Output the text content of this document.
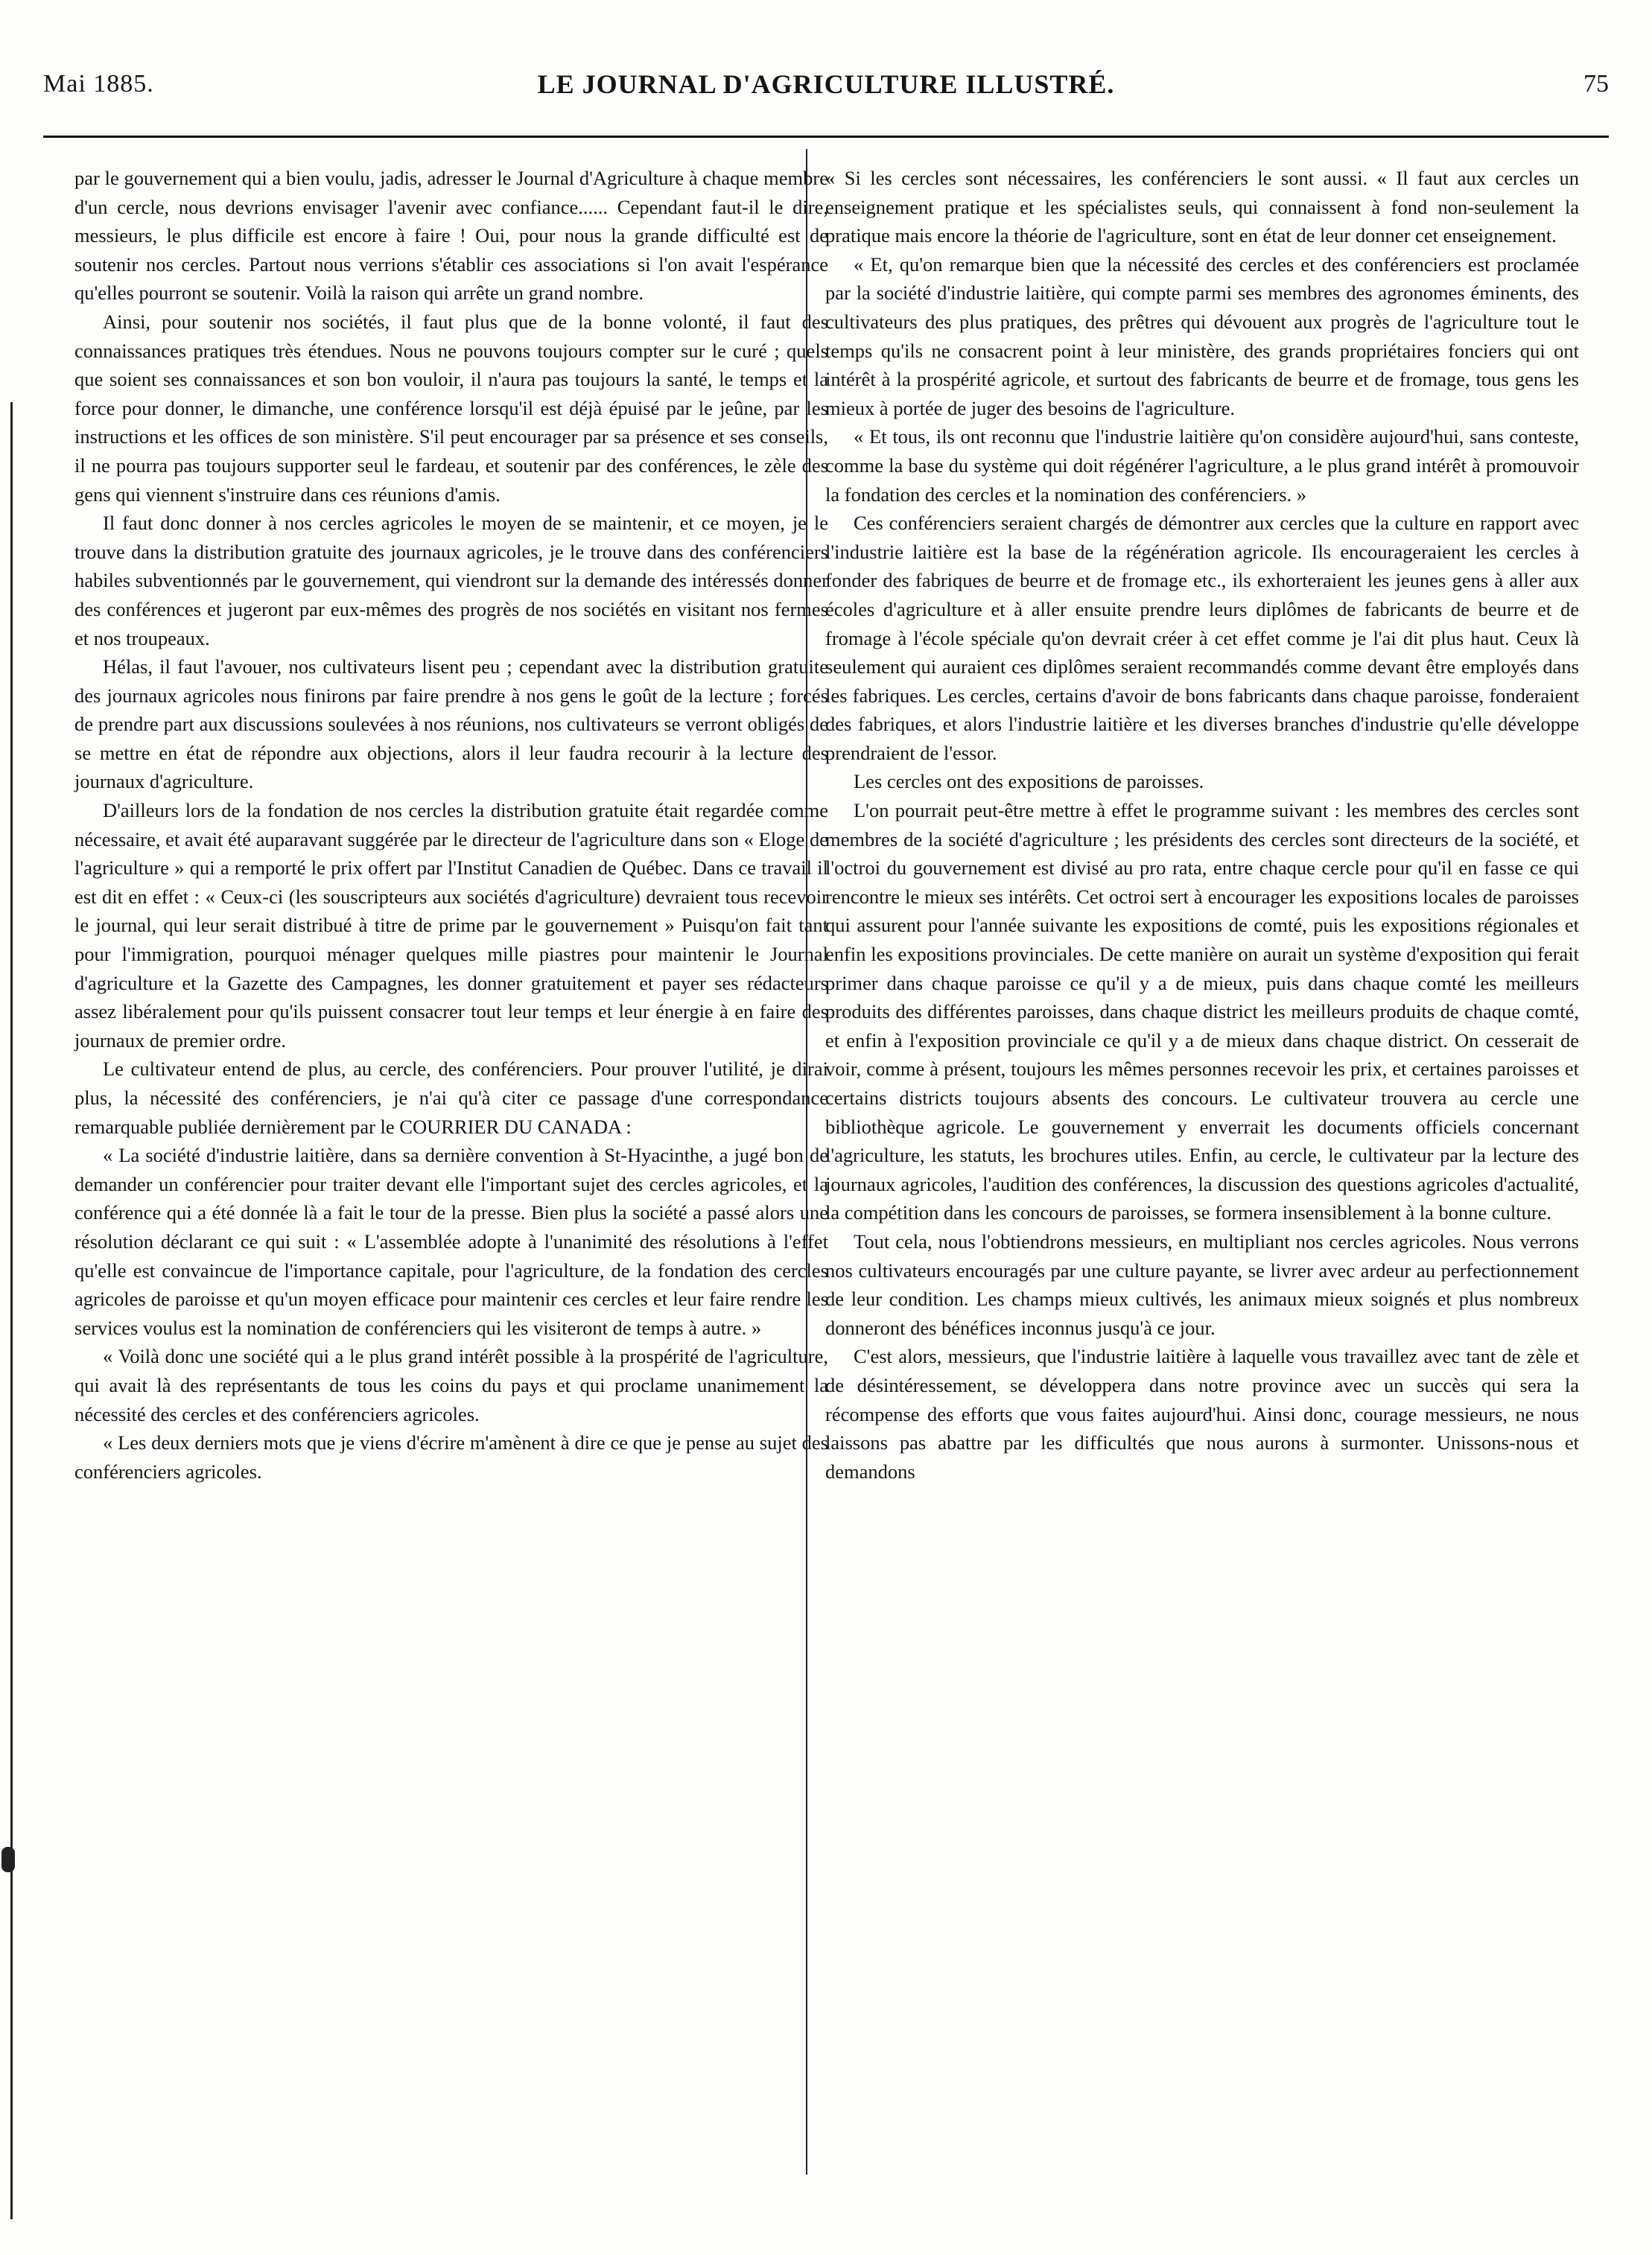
Mai 1885.	LE JOURNAL D'AGRICULTURE ILLUSTRÉ.	75

par le gouvernement qui a bien voulu, jadis, adresser le Journal d'Agriculture à chaque membre d'un cercle, nous devrions envisager l'avenir avec confiance...... Cependant faut-il le dire, messieurs, le plus difficile est encore à faire ! Oui, pour nous la grande difficulté est de soutenir nos cercles. Partout nous verrions s'établir ces associations si l'on avait l'espérance qu'elles pourront se soutenir. Voilà la raison qui arrête un grand nombre.

Ainsi, pour soutenir nos sociétés, il faut plus que de la bonne volonté, il faut des connaissances pratiques très étendues. Nous ne pouvons toujours compter sur le curé ; quels que soient ses connaissances et son bon vouloir, il n'aura pas toujours la santé, le temps et la force pour donner, le dimanche, une conférence lorsqu'il est déjà épuisé par le jeûne, par les instructions et les offices de son ministère. S'il peut encourager par sa présence et ses conseils, il ne pourra pas toujours supporter seul le fardeau, et soutenir par des conférences, le zèle des gens qui viennent s'instruire dans ces réunions d'amis.

Il faut donc donner à nos cercles agricoles le moyen de se maintenir, et ce moyen, je le trouve dans la distribution gratuite des journaux agricoles, je le trouve dans des conférenciers habiles subventionnés par le gouvernement, qui viendront sur la demande des intéressés donner des conférences et jugeront par eux-mêmes des progrès de nos sociétés en visitant nos fermes et nos troupeaux.

Hélas, il faut l'avouer, nos cultivateurs lisent peu ; cependant avec la distribution gratuite des journaux agricoles nous finirons par faire prendre à nos gens le goût de la lecture ; forcés de prendre part aux discussions soulevées à nos réunions, nos cultivateurs se verront obligés de se mettre en état de répondre aux objections, alors il leur faudra recourir à la lecture des journaux d'agriculture.

D'ailleurs lors de la fondation de nos cercles la distribution gratuite était regardée comme nécessaire, et avait été auparavant suggérée par le directeur de l'agriculture dans son « Eloge de l'agriculture » qui a remporté le prix offert par l'Institut Canadien de Québec. Dans ce travail il est dit en effet : « Ceux-ci (les souscripteurs aux sociétés d'agriculture) devraient tous recevoir le journal, qui leur serait distribué à titre de prime par le gouvernement » Puisqu'on fait tant pour l'immigration, pourquoi ménager quelques mille piastres pour maintenir le Journal d'agriculture et la Gazette des Campagnes, les donner gratuitement et payer ses rédacteurs assez libéralement pour qu'ils puissent consacrer tout leur temps et leur énergie à en faire des journaux de premier ordre.

Le cultivateur entend de plus, au cercle, des conférenciers. Pour prouver l'utilité, je dirai plus, la nécessité des conférenciers, je n'ai qu'à citer ce passage d'une correspondance remarquable publiée dernièrement par le COURRIER DU CANADA :

« La société d'industrie laitière, dans sa dernière convention à St-Hyacinthe, a jugé bon de demander un conférencier pour traiter devant elle l'important sujet des cercles agricoles, et la conférence qui a été donnée là a fait le tour de la presse. Bien plus la société a passé alors une résolution déclarant ce qui suit : « L'assemblée adopte à l'unanimité des résolutions à l'effet qu'elle est convaincue de l'importance capitale, pour l'agriculture, de la fondation des cercles agricoles de paroisse et qu'un moyen efficace pour maintenir ces cercles et leur faire rendre les services voulus est la nomination de conférenciers qui les visiteront de temps à autre. »

« Voilà donc une société qui a le plus grand intérêt possible à la prospérité de l'agriculture, qui avait là des représentants de tous les coins du pays et qui proclame unanimement la nécessité des cercles et des conférenciers agricoles.

« Les deux derniers mots que je viens d'écrire m'amènent à dire ce que je pense au sujet des conférenciers agricoles.

« Si les cercles sont nécessaires, les conférenciers le sont aussi. « Il faut aux cercles un enseignement pratique et les spécialistes seuls, qui connaissent à fond non-seulement la pratique mais encore la théorie de l'agriculture, sont en état de leur donner cet enseignement.

« Et, qu'on remarque bien que la nécessité des cercles et des conférenciers est proclamée par la société d'industrie laitière, qui compte parmi ses membres des agronomes éminents, des cultivateurs des plus pratiques, des prêtres qui dévouent aux progrès de l'agriculture tout le temps qu'ils ne consacrent point à leur ministère, des grands propriétaires fonciers qui ont intérêt à la prospérité agricole, et surtout des fabricants de beurre et de fromage, tous gens les mieux à portée de juger des besoins de l'agriculture.

« Et tous, ils ont reconnu que l'industrie laitière qu'on considère aujourd'hui, sans conteste, comme la base du système qui doit régénérer l'agriculture, a le plus grand intérêt à promouvoir la fondation des cercles et la nomination des conférenciers. »

Ces conférenciers seraient chargés de démontrer aux cercles que la culture en rapport avec l'industrie laitière est la base de la régénération agricole. Ils encourageraient les cercles à fonder des fabriques de beurre et de fromage etc., ils exhorteraient les jeunes gens à aller aux écoles d'agriculture et à aller ensuite prendre leurs diplômes de fabricants de beurre et de fromage à l'école spéciale qu'on devrait créer à cet effet comme je l'ai dit plus haut. Ceux là seulement qui auraient ces diplômes seraient recommandés comme devant être employés dans les fabriques. Les cercles, certains d'avoir de bons fabricants dans chaque paroisse, fonderaient des fabriques, et alors l'industrie laitière et les diverses branches d'industrie qu'elle développe prendraient de l'essor.

Les cercles ont des expositions de paroisses.

L'on pourrait peut-être mettre à effet le programme suivant : les membres des cercles sont membres de la société d'agriculture ; les présidents des cercles sont directeurs de la société, et l'octroi du gouvernement est divisé au pro rata, entre chaque cercle pour qu'il en fasse ce qui rencontre le mieux ses intérêts. Cet octroi sert à encourager les expositions locales de paroisses qui assurent pour l'année suivante les expositions de comté, puis les expositions régionales et enfin les expositions provinciales. De cette manière on aurait un système d'exposition qui ferait primer dans chaque paroisse ce qu'il y a de mieux, puis dans chaque comté les meilleurs produits des différentes paroisses, dans chaque district les meilleurs produits de chaque comté, et enfin à l'exposition provinciale ce qu'il y a de mieux dans chaque district. On cesserait de voir, comme à présent, toujours les mêmes personnes recevoir les prix, et certaines paroisses et certains districts toujours absents des concours. Le cultivateur trouvera au cercle une bibliothèque agricole. Le gouvernement y enverrait les documents officiels concernant l'agriculture, les statuts, les brochures utiles. Enfin, au cercle, le cultivateur par la lecture des journaux agricoles, l'audition des conférences, la discussion des questions agricoles d'actualité, la compétition dans les concours de paroisses, se formera insensiblement à la bonne culture.

Tout cela, nous l'obtiendrons messieurs, en multipliant nos cercles agricoles. Nous verrons nos cultivateurs encouragés par une culture payante, se livrer avec ardeur au perfectionnement de leur condition. Les champs mieux cultivés, les animaux mieux soignés et plus nombreux donneront des bénéfices inconnus jusqu'à ce jour.

C'est alors, messieurs, que l'industrie laitière à laquelle vous travaillez avec tant de zèle et de désintéressement, se développera dans notre province avec un succès qui sera la récompense des efforts que vous faites aujourd'hui. Ainsi donc, courage messieurs, ne nous laissons pas abattre par les difficultés que nous aurons à surmonter. Unissons-nous et demandons
